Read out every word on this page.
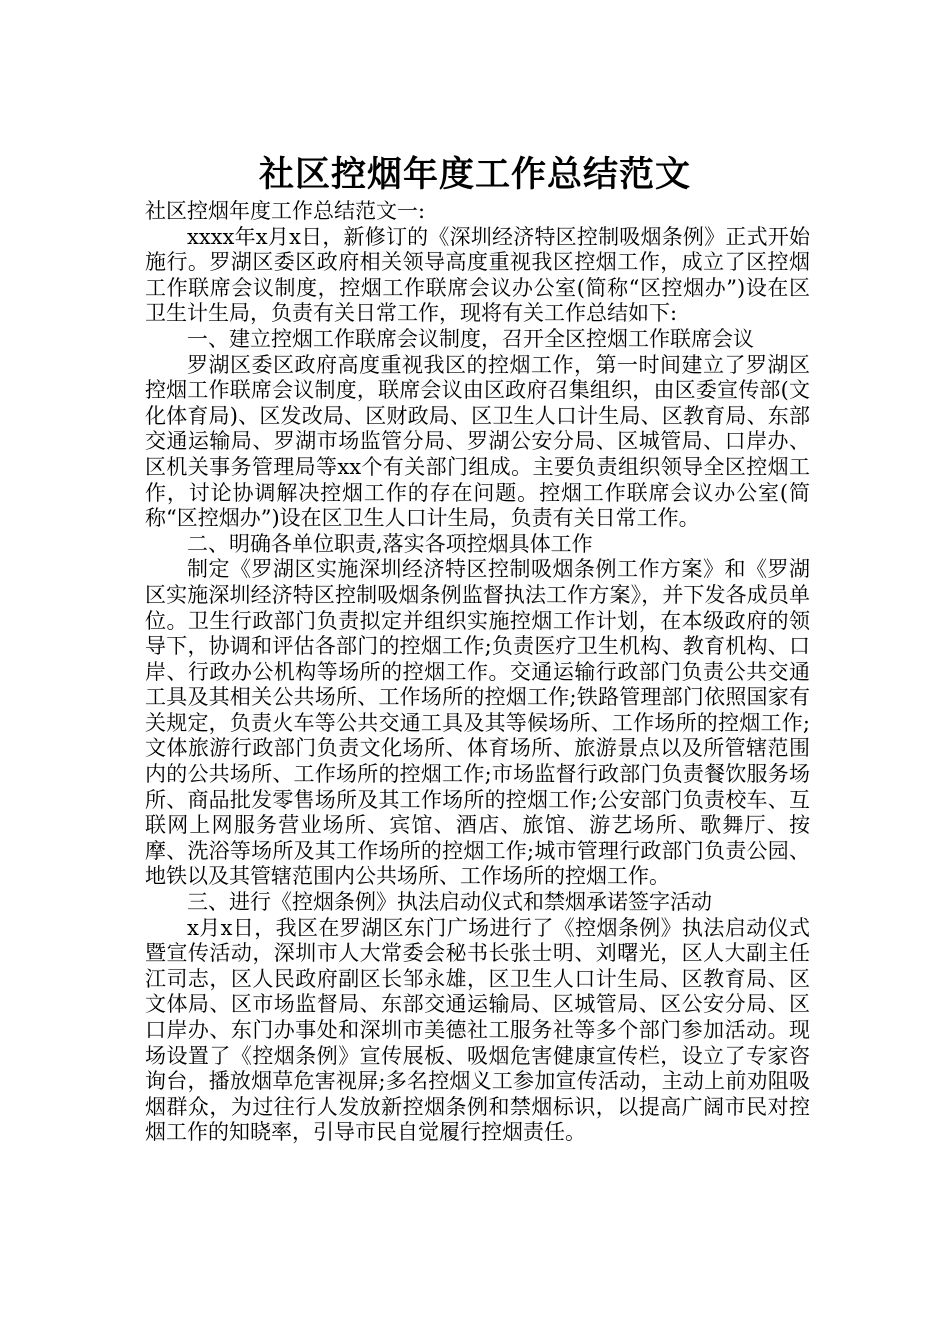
社区控烟年度工作总结范文

社区控烟年度工作总结范文一:

xxxx年x月x日，新修订的《深圳经济特区控制吸烟条例》正式开始施行。罗湖区委区政府相关领导高度重视我区控烟工作，成立了区控烟工作联席会议制度，控烟工作联席会议办公室(简称“区控烟办”)设在区卫生计生局，负责有关日常工作，现将有关工作总结如下:

一、建立控烟工作联席会议制度，召开全区控烟工作联席会议

罗湖区委区政府高度重视我区的控烟工作，第一时间建立了罗湖区控烟工作联席会议制度，联席会议由区政府召集组织，由区委宣传部(文化体育局)、区发改局、区财政局、区卫生人口计生局、区教育局、东部交通运输局、罗湖市场监管分局、罗湖公安分局、区城管局、口岸办、区机关事务管理局等xx个有关部门组成。主要负责组织领导全区控烟工作，讨论协调解决控烟工作的存在问题。控烟工作联席会议办公室(简称“区控烟办”)设在区卫生人口计生局，负责有关日常工作。

二、明确各单位职责,落实各项控烟具体工作

制定《罗湖区实施深圳经济特区控制吸烟条例工作方案》和《罗湖区实施深圳经济特区控制吸烟条例监督执法工作方案》，并下发各成员单位。卫生行政部门负责拟定并组织实施控烟工作计划，在本级政府的领导下，协调和评估各部门的控烟工作;负责医疗卫生机构、教育机构、口岸、行政办公机构等场所的控烟工作。交通运输行政部门负责公共交通工具及其相关公共场所、工作场所的控烟工作;铁路管理部门依照国家有关规定，负责火车等公共交通工具及其等候场所、工作场所的控烟工作;文体旅游行政部门负责文化场所、体育场所、旅游景点以及所管辖范围内的公共场所、工作场所的控烟工作;市场监督行政部门负责餐饮服务场所、商品批发零售场所及其工作场所的控烟工作;公安部门负责校车、互联网上网服务营业场所、宾馆、酒店、旅馆、游艺场所、歌舞厅、按摩、洗浴等场所及其工作场所的控烟工作;城市管理行政部门负责公园、地铁以及其管辖范围内公共场所、工作场所的控烟工作。

三、进行《控烟条例》执法启动仪式和禁烟承诺签字活动

x月x日，我区在罗湖区东门广场进行了《控烟条例》执法启动仪式暨宣传活动，深圳市人大常委会秘书长张士明、刘曙光，区人大副主任江司志，区人民政府副区长邹永雄，区卫生人口计生局、区教育局、区文体局、区市场监督局、东部交通运输局、区城管局、区公安分局、区口岸办、东门办事处和深圳市美德社工服务社等多个部门参加活动。现场设置了《控烟条例》宣传展板、吸烟危害健康宣传栏，设立了专家咨询台，播放烟草危害视屏;多名控烟义工参加宣传活动，主动上前劝阻吸烟群众，为过往行人发放新控烟条例和禁烟标识，以提高广阔市民对控烟工作的知晓率，引导市民自觉履行控烟责任。
